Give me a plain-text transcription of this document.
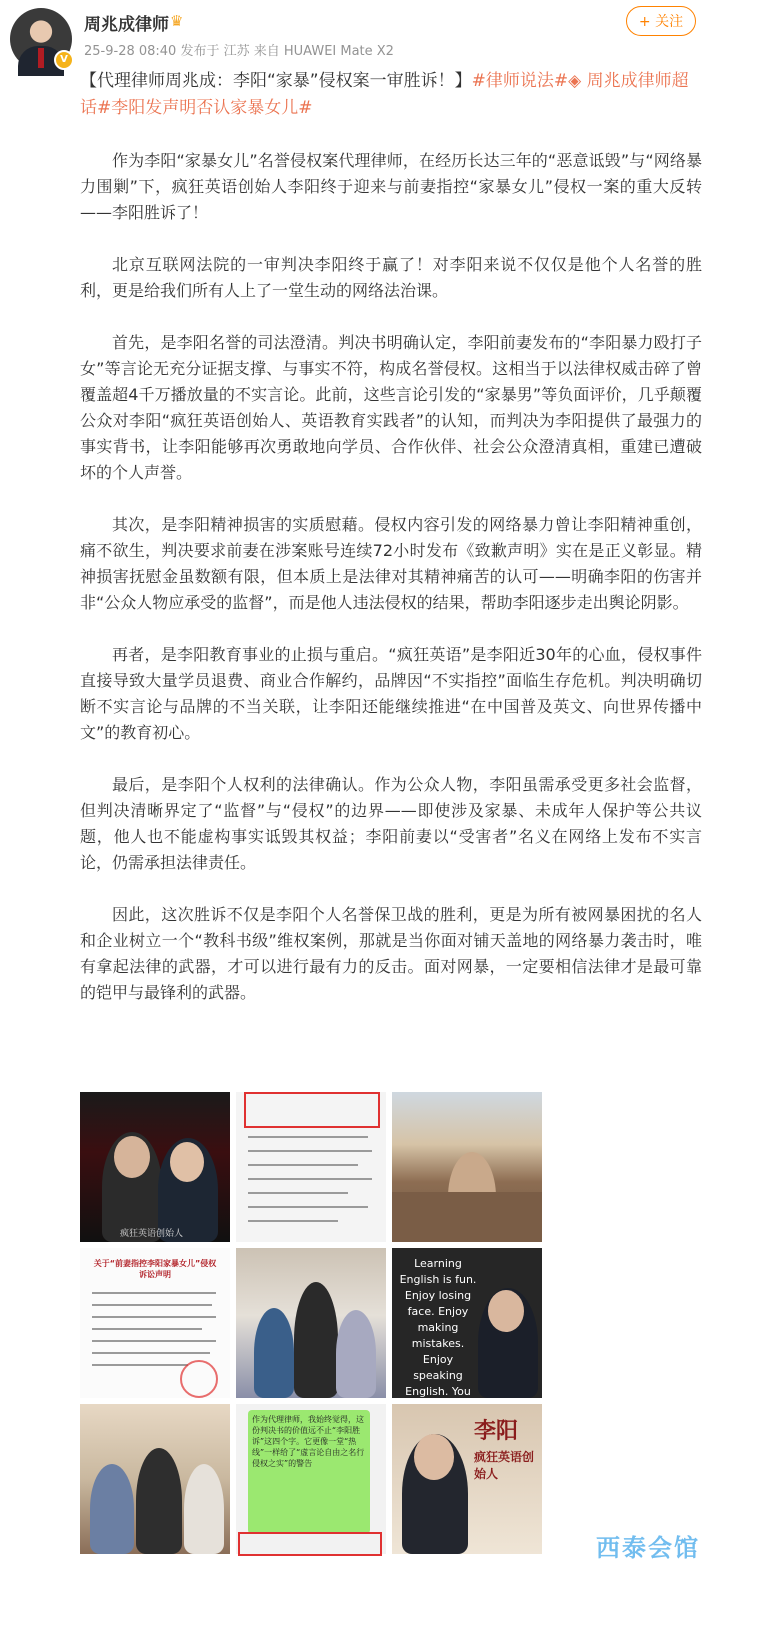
V
周兆成律师 ♛
25-9-28 08:40 发布于 江苏 来自 HUAWEI Mate X2
+ 关注
【代理律师周兆成：李阳“家暴”侵权案一审胜诉！】#律师说法#◈ 周兆成律师超话#李阳发声明否认家暴女儿#

作为李阳“家暴女儿”名誉侵权案代理律师，在经历长达三年的“恶意诋毁”与“网络暴力围剿”下，疯狂英语创始人李阳终于迎来与前妻指控“家暴女儿”侵权一案的重大反转——李阳胜诉了！

北京互联网法院的一审判决李阳终于赢了！对李阳来说不仅仅是他个人名誉的胜利，更是给我们所有人上了一堂生动的网络法治课。

首先，是李阳名誉的司法澄清。判决书明确认定，李阳前妻发布的“李阳暴力殴打子女”等言论无充分证据支撑、与事实不符，构成名誉侵权。这相当于以法律权威击碎了曾覆盖超4千万播放量的不实言论。此前，这些言论引发的“家暴男”等负面评价，几乎颠覆公众对李阳“疯狂英语创始人、英语教育实践者”的认知，而判决为李阳提供了最强力的事实背书，让李阳能够再次勇敢地向学员、合作伙伴、社会公众澄清真相，重建已遭破坏的个人声誉。

其次，是李阳精神损害的实质慰藉。侵权内容引发的网络暴力曾让李阳精神重创，痛不欲生，判决要求前妻在涉案账号连续72小时发布《致歉声明》实在是正义彰显。精神损害抚慰金虽数额有限，但本质上是法律对其精神痛苦的认可——明确李阳的伤害并非“公众人物应承受的监督”，而是他人违法侵权的结果，帮助李阳逐步走出舆论阴影。

再者，是李阳教育事业的止损与重启。“疯狂英语”是李阳近30年的心血，侵权事件直接导致大量学员退费、商业合作解约，品牌因“不实指控”面临生存危机。判决明确切断不实言论与品牌的不当关联，让李阳还能继续推进“在中国普及英文、向世界传播中文”的教育初心。

最后，是李阳个人权利的法律确认。作为公众人物，李阳虽需承受更多社会监督，但判决清晰界定了“监督”与“侵权”的边界——即使涉及家暴、未成年人保护等公共议题，他人也不能虚构事实诋毁其权益；李阳前妻以“受害者”名义在网络上发布不实言论，仍需承担法律责任。

因此，这次胜诉不仅是李阳个人名誉保卫战的胜利，更是为所有被网暴困扰的名人和企业树立一个“教科书级”维权案例，那就是当你面对铺天盖地的网络暴力袭击时，唯有拿起法律的武器，才可以进行最有力的反击。面对网暴，一定要相信法律才是最可靠的铠甲与最锋利的武器。

疯狂英语创始人
关于“前妻指控李阳家暴女儿”侵权诉讼声明
Learning English is fun. Enjoy losing face. Enjoy making mistakes. Enjoy speaking English. You
作为代理律师，我始终觉得，这份判决书的价值远不止“李阳胜诉”这四个字。它更像一堂“热线”一样给了“虚言论自由之名行侵权之实”的警告
李阳
疯狂英语创始人
西泰会馆
